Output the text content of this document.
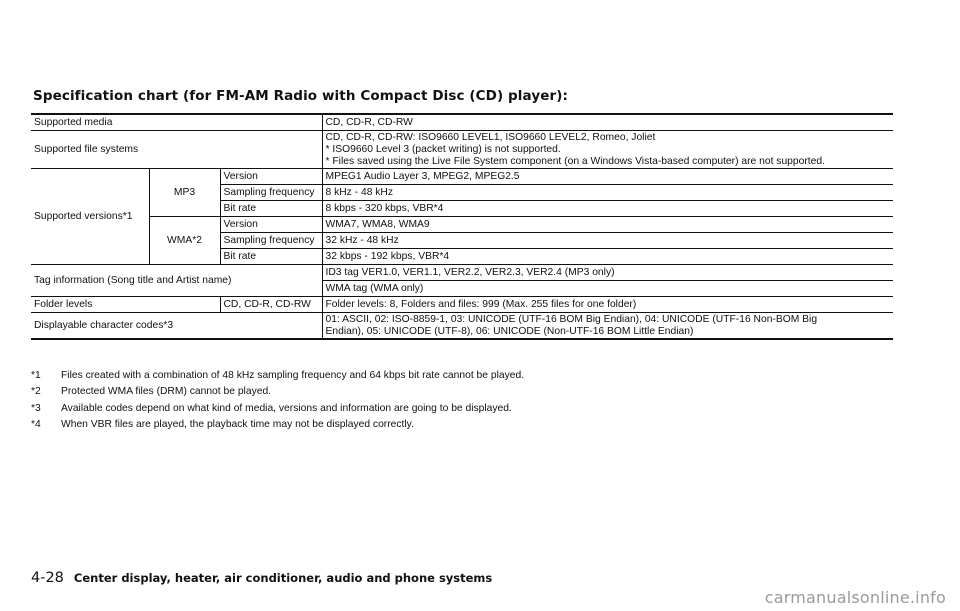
Specification chart (for FM-AM Radio with Compact Disc (CD) player):
Supported media			CD, CD-R, CD-RW
Supported file systems			CD, CD-R, CD-RW: ISO9660 LEVEL1, ISO9660 LEVEL2, Romeo, Joliet
* ISO9660 Level 3 (packet writing) is not supported.
* Files saved using the Live File System component (on a Windows Vista-based computer) are not supported.

Supported versions*1	MP3	Version	MPEG1 Audio Layer 3, MPEG2, MPEG2.5
		Sampling frequency	8 kHz - 48 kHz
		Bit rate	8 kbps - 320 kbps, VBR*4
	WMA*2	Version	WMA7, WMA8, WMA9
		Sampling frequency	32 kHz - 48 kHz
		Bit rate	32 kbps - 192 kbps, VBR*4
Tag information (Song title and Artist name)			ID3 tag VER1.0, VER1.1, VER2.2, VER2.3, VER2.4 (MP3 only)
			WMA tag (WMA only)
Folder levels		CD, CD-R, CD-RW	Folder levels: 8, Folders and files: 999 (Max. 255 files for one folder)
Displayable character codes*3			01: ASCII, 02: ISO-8859-1, 03: UNICODE (UTF-16 BOM Big Endian), 04: UNICODE (UTF-16 Non-BOM Big
Endian), 05: UNICODE (UTF-8), 06: UNICODE (Non-UTF-16 BOM Little Endian)
*1	Files created with a combination of 48 kHz sampling frequency and 64 kbps bit rate cannot be played.
*2	Protected WMA files (DRM) cannot be played.
*3	Available codes depend on what kind of media, versions and information are going to be displayed.
*4	When VBR files are played, the playback time may not be displayed correctly.
4-28 Center display, heater, air conditioner, audio and phone systems
carmanualsonline.info
